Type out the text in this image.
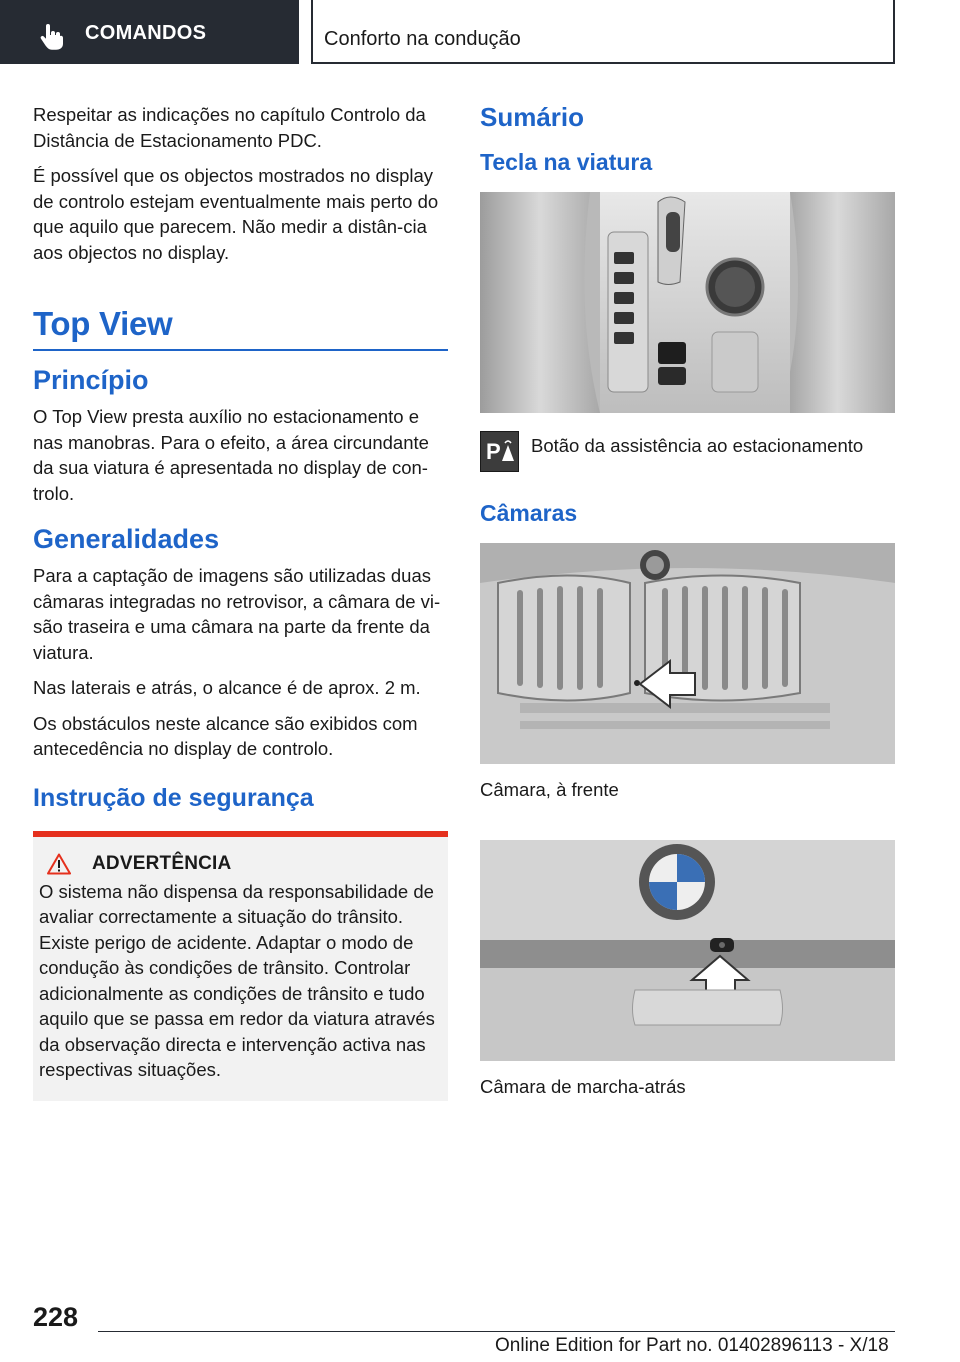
COMANDOS	Conforto na condução

Respeitar as indicações no capítulo Controlo da Distância de Estacionamento PDC.

É possível que os objectos mostrados no display de controlo estejam eventualmente mais perto do que aquilo que parecem. Não medir a distân‐cia aos objectos no display.

Top View
Princípio

O Top View presta auxílio no estacionamento e nas manobras. Para o efeito, a área circundante da sua viatura é apresentada no display de con‐trolo.

Generalidades

Para a captação de imagens são utilizadas duas câmaras integradas no retrovisor, a câmara de vi‐são traseira e uma câmara na parte da frente da viatura.

Nas laterais e atrás, o alcance é de aprox. 2 m.

Os obstáculos neste alcance são exibidos com antecedência no display de controlo.

Instrução de segurança
ADVERTÊNCIA

O sistema não dispensa da responsabilidade de avaliar correctamente a situação do trânsito. Existe perigo de acidente. Adaptar o modo de condução às condições de trânsito. Controlar adicionalmente as condições de trânsito e tudo aquilo que se passa em redor da viatura através da observação directa e intervenção activa nas respectivas situações.

Sumário
Tecla na viatura
P Botão da assistência ao estacionamento

Câmaras

Câmara, à frente

Câmara de marcha-atrás

228
Online Edition for Part no. 01402896113 - X/18
